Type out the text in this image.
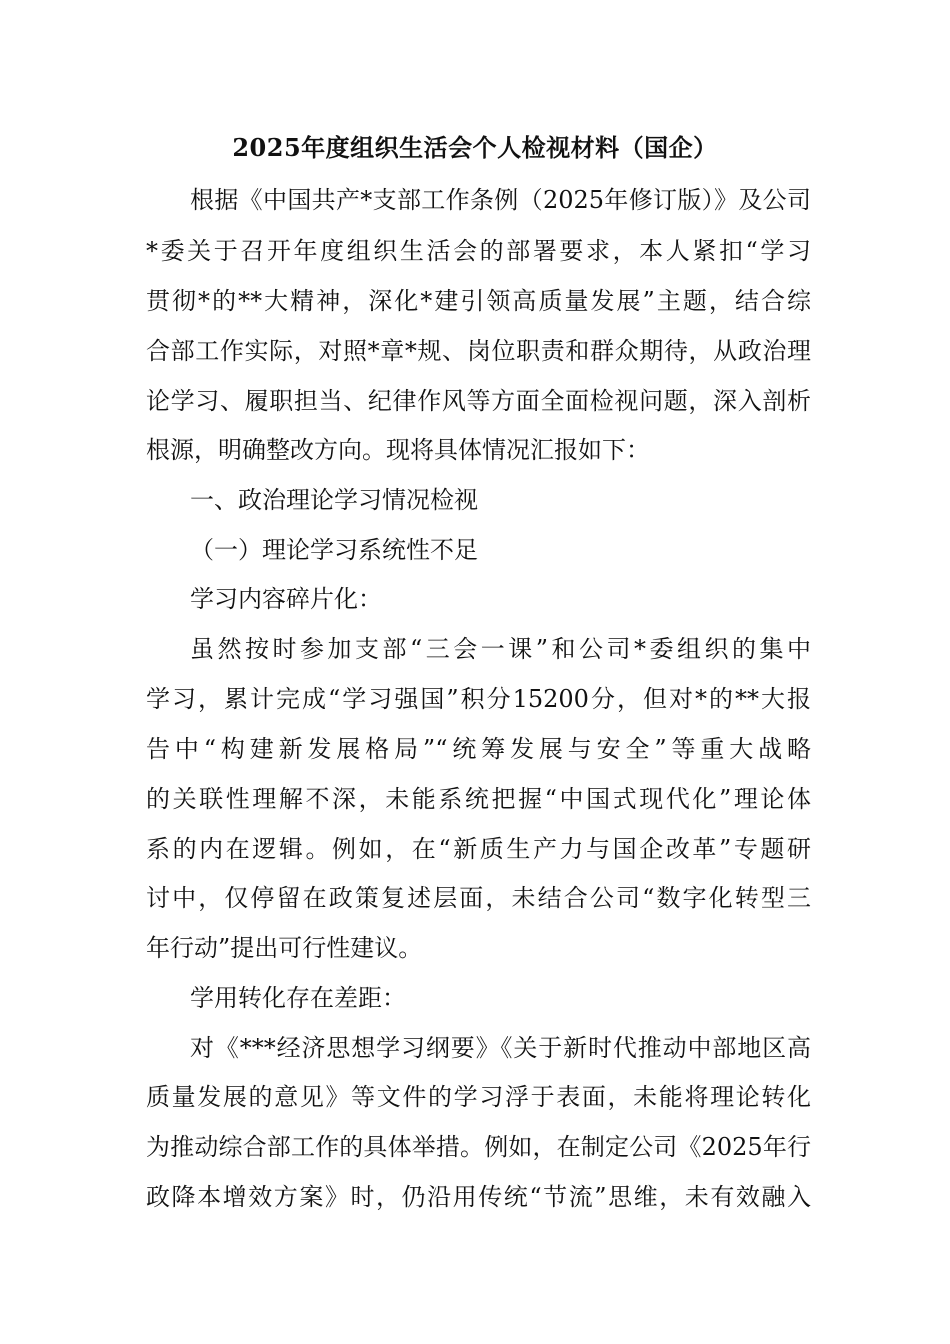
2025年度组织生活会个人检视材料（国企）
根据《中国共产*支部工作条例（2025年修订版）》及公司
*委关于召开年度组织生活会的部署要求，本人紧扣“学习
贯彻*的**大精神，深化*建引领高质量发展”主题，结合综
合部工作实际，对照*章*规、岗位职责和群众期待，从政治理
论学习、履职担当、纪律作风等方面全面检视问题，深入剖析
根源，明确整改方向。现将具体情况汇报如下：
一、政治理论学习情况检视
（一）理论学习系统性不足
学习内容碎片化：
虽然按时参加支部“三会一课”和公司*委组织的集中
学习，累计完成“学习强国”积分15200分，但对*的**大报
告中“构建新发展格局”“统筹发展与安全”等重大战略
的关联性理解不深，未能系统把握“中国式现代化”理论体
系的内在逻辑。例如，在“新质生产力与国企改革”专题研
讨中，仅停留在政策复述层面，未结合公司“数字化转型三
年行动”提出可行性建议。
学用转化存在差距：
对《***经济思想学习纲要》《关于新时代推动中部地区高
质量发展的意见》等文件的学习浮于表面，未能将理论转化
为推动综合部工作的具体举措。例如，在制定公司《2025年行
政降本增效方案》时，仍沿用传统“节流”思维，未有效融入
